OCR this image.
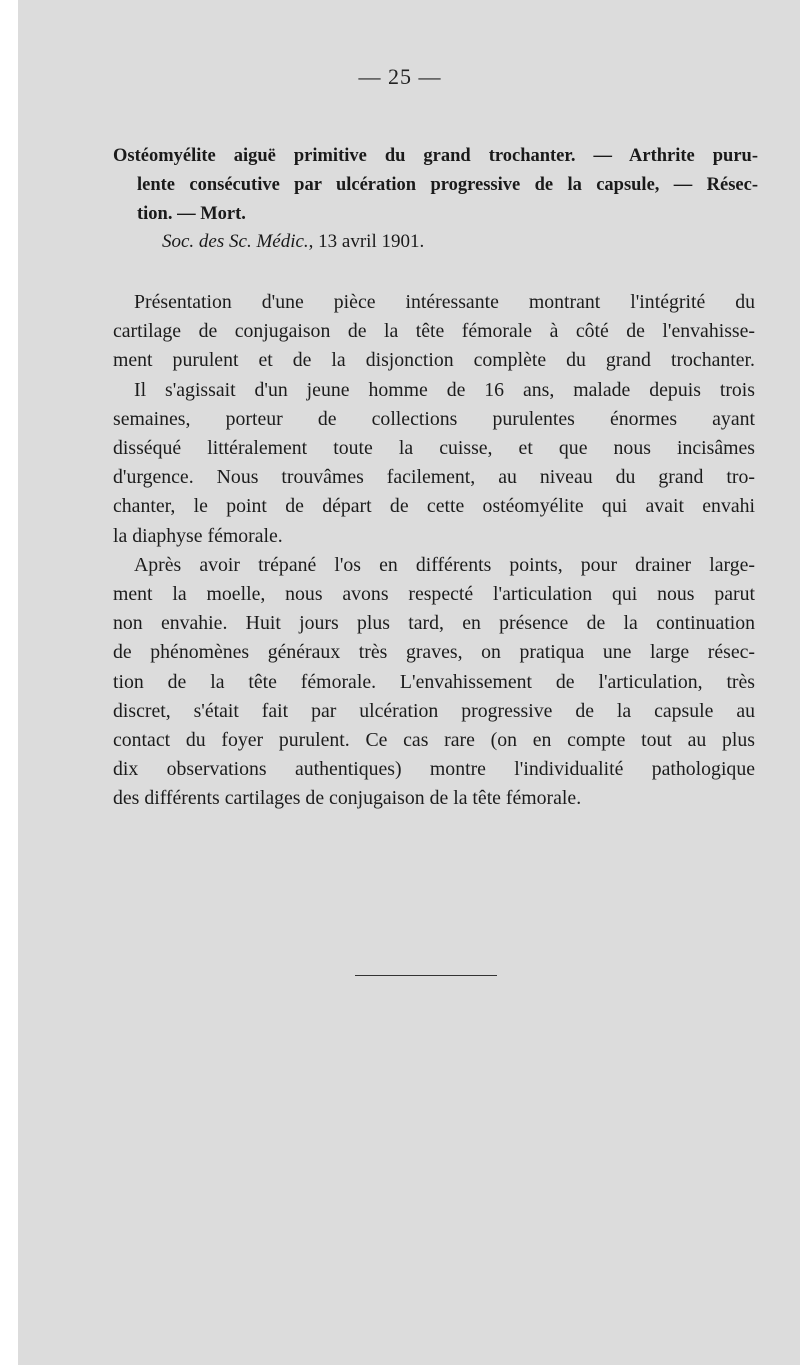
— 25 —
Ostéomyélite aiguë primitive du grand trochanter. — Arthrite puru-
lente consécutive par ulcération progressive de la capsule, — Résec-
tion. — Mort.
Soc. des Sc. Médic., 13 avril 1901.
Présentation d'une pièce intéressante montrant l'intégrité du
cartilage de conjugaison de la tête fémorale à côté de l'envahisse-
ment purulent et de la disjonction complète du grand trochanter.
Il s'agissait d'un jeune homme de 16 ans, malade depuis trois
semaines, porteur de collections purulentes énormes ayant
disséqué littéralement toute la cuisse, et que nous incisâmes
d'urgence. Nous trouvâmes facilement, au niveau du grand tro-
chanter, le point de départ de cette ostéomyélite qui avait envahi
la diaphyse fémorale.
Après avoir trépané l'os en différents points, pour drainer large-
ment la moelle, nous avons respecté l'articulation qui nous parut
non envahie. Huit jours plus tard, en présence de la continuation
de phénomènes généraux très graves, on pratiqua une large résec-
tion de la tête fémorale. L'envahissement de l'articulation, très
discret, s'était fait par ulcération progressive de la capsule au
contact du foyer purulent. Ce cas rare (on en compte tout au plus
dix observations authentiques) montre l'individualité pathologique
des différents cartilages de conjugaison de la tête fémorale.
